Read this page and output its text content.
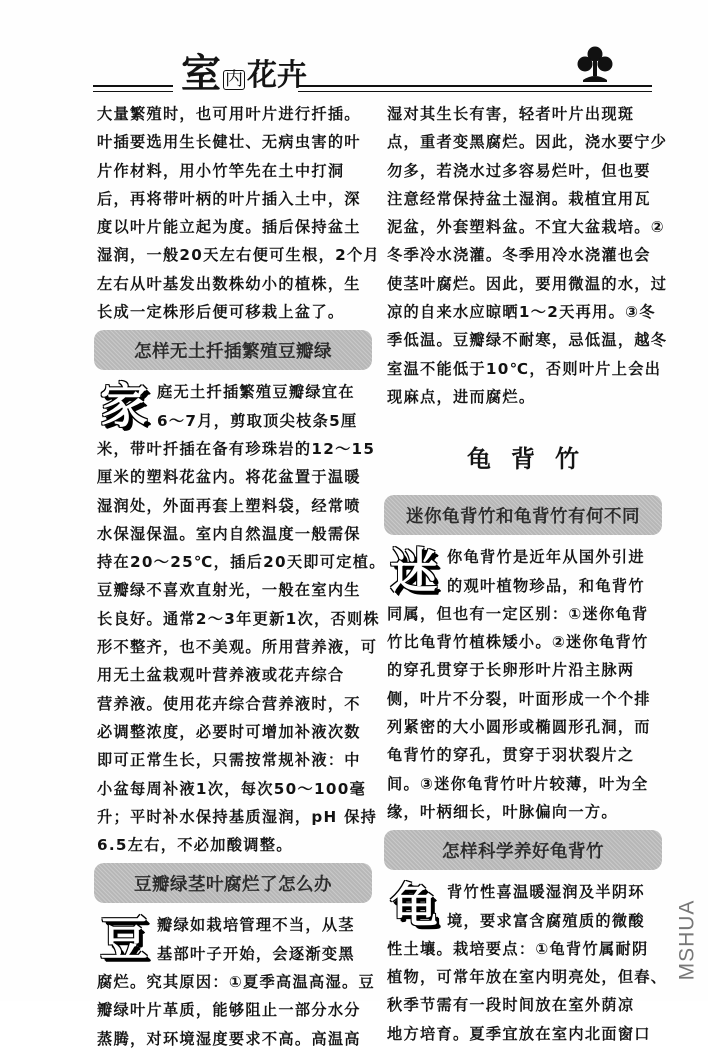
室 内 花卉
大量繁殖时，也可用叶片进行扦插。
叶插要选用生长健壮、无病虫害的叶
片作材料，用小竹竿先在土中打洞
后，再将带叶柄的叶片插入土中，深
度以叶片能立起为度。插后保持盆土
湿润，一般20天左右便可生根，2个月
左右从叶基发出数株幼小的植株，生
长成一定株形后便可移栽上盆了。
怎样无土扦插繁殖豆瓣绿
家 庭无土扦插繁殖豆瓣绿宜在
6～7月，剪取顶尖枝条5厘
米，带叶扦插在备有珍珠岩的12～15
厘米的塑料花盆内。将花盆置于温暖
湿润处，外面再套上塑料袋，经常喷
水保湿保温。室内自然温度一般需保
持在20～25℃，插后20天即可定植。
豆瓣绿不喜欢直射光，一般在室内生
长良好。通常2～3年更新1次，否则株
形不整齐，也不美观。所用营养液，可
用无土盆栽观叶营养液或花卉综合
营养液。使用花卉综合营养液时，不
必调整浓度，必要时可增加补液次数
即可正常生长，只需按常规补液：中
小盆每周补液1次，每次50～100毫
升；平时补水保持基质湿润，pH 保持
6.5左右，不必加酸调整。
豆瓣绿茎叶腐烂了怎么办
豆 瓣绿如栽培管理不当，从茎
基部叶子开始，会逐渐变黑
腐烂。究其原因：①夏季高温高湿。豆
瓣绿叶片革质，能够阻止一部分水分
蒸腾，对环境湿度要求不高。高温高
湿对其生长有害，轻者叶片出现斑
点，重者变黑腐烂。因此，浇水要宁少
勿多，若浇水过多容易烂叶，但也要
注意经常保持盆土湿润。栽植宜用瓦
泥盆，外套塑料盆。不宜大盆栽培。②
冬季冷水浇灌。冬季用冷水浇灌也会
使茎叶腐烂。因此，要用微温的水，过
凉的自来水应晾晒1～2天再用。③冬
季低温。豆瓣绿不耐寒，忌低温，越冬
室温不能低于10℃，否则叶片上会出
现麻点，进而腐烂。
龟背竹
迷你龟背竹和龟背竹有何不同
迷 你龟背竹是近年从国外引进
的观叶植物珍品，和龟背竹
同属，但也有一定区别：①迷你龟背
竹比龟背竹植株矮小。②迷你龟背竹
的穿孔贯穿于长卵形叶片沿主脉两
侧，叶片不分裂，叶面形成一个个排
列紧密的大小圆形或椭圆形孔洞，而
龟背竹的穿孔，贯穿于羽状裂片之
间。③迷你龟背竹叶片较薄，叶为全
缘，叶柄细长，叶脉偏向一方。
怎样科学养好龟背竹
龟 背竹性喜温暖湿润及半阴环
境，要求富含腐殖质的微酸
性土壤。栽培要点：①龟背竹属耐阴
植物，可常年放在室内明亮处，但春、
秋季节需有一段时间放在室外荫凉
地方培育。夏季宜放在室内北面窗口
MSHUA
